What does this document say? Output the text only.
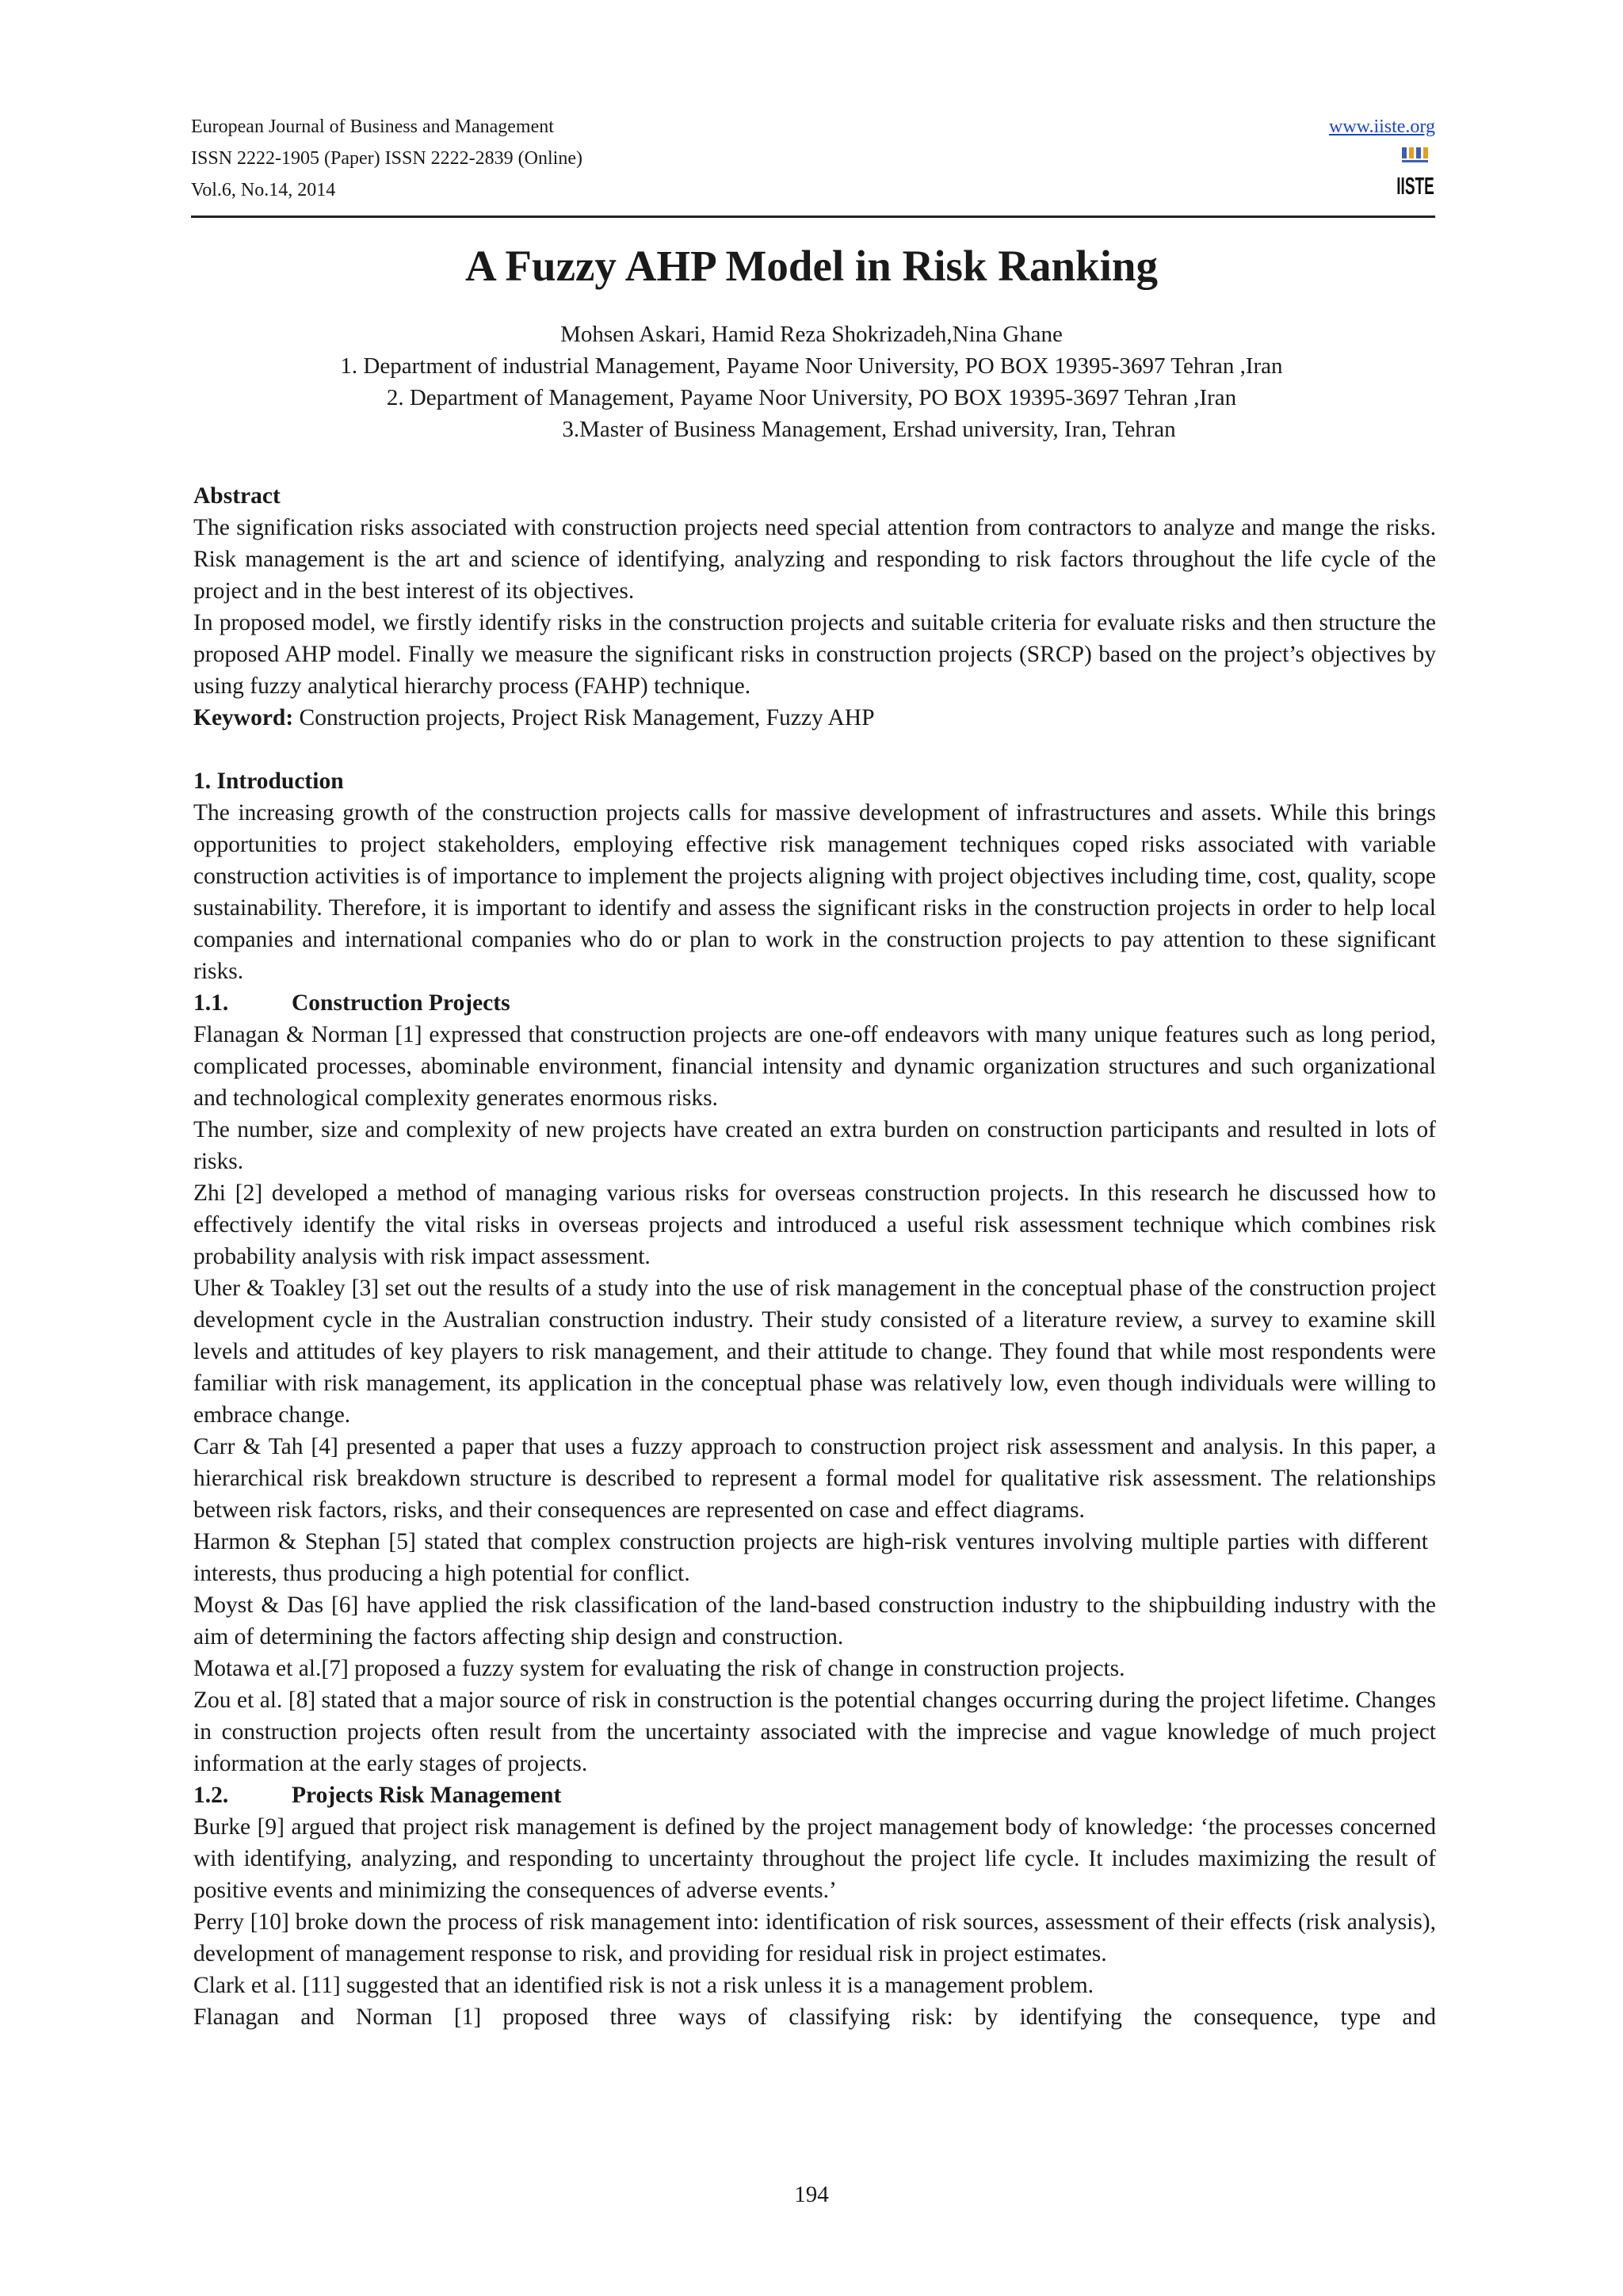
European Journal of Business and Management
ISSN 2222-1905 (Paper) ISSN 2222-2839 (Online)
Vol.6, No.14, 2014
www.iiste.org
IISTE
A Fuzzy AHP Model in Risk Ranking
Mohsen Askari, Hamid Reza Shokrizadeh,Nina Ghane
1. Department of industrial Management, Payame Noor University, PO BOX 19395-3697 Tehran ,Iran
2. Department of Management, Payame Noor University, PO BOX 19395-3697 Tehran ,Iran
3.Master of Business Management, Ershad university, Iran, Tehran

Abstract

The signification risks associated with construction projects need special attention from contractors to analyze and mange the risks. Risk management is the art and science of identifying, analyzing and responding to risk factors throughout the life cycle of the project and in the best interest of its objectives.

In proposed model, we firstly identify risks in the construction projects and suitable criteria for evaluate risks and then structure the proposed AHP model. Finally we measure the significant risks in construction projects (SRCP) based on the project’s objectives by using fuzzy analytical hierarchy process (FAHP) technique.

Keyword: Construction projects, Project Risk Management, Fuzzy AHP

1. Introduction

The increasing growth of the construction projects calls for massive development of infrastructures and assets. While this brings opportunities to project stakeholders, employing effective risk management techniques coped risks associated with variable construction activities is of importance to implement the projects aligning with project objectives including time, cost, quality, scope sustainability. Therefore, it is important to identify and assess the significant risks in the construction projects in order to help local companies and international companies who do or plan to work in the construction projects to pay attention to these significant risks.

1.1.	Construction Projects

Flanagan & Norman [1] expressed that construction projects are one-off endeavors with many unique features such as long period, complicated processes, abominable environment, financial intensity and dynamic organization structures and such organizational and technological complexity generates enormous risks.

The number, size and complexity of new projects have created an extra burden on construction participants and resulted in lots of risks.

Zhi [2] developed a method of managing various risks for overseas construction projects. In this research he discussed how to effectively identify the vital risks in overseas projects and introduced a useful risk assessment technique which combines risk probability analysis with risk impact assessment.

Uher & Toakley [3] set out the results of a study into the use of risk management in the conceptual phase of the construction project development cycle in the Australian construction industry. Their study consisted of a literature review, a survey to examine skill levels and attitudes of key players to risk management, and their attitude to change. They found that while most respondents were familiar with risk management, its application in the conceptual phase was relatively low, even though individuals were willing to embrace change.

Carr & Tah [4] presented a paper that uses a fuzzy approach to construction project risk assessment and analysis. In this paper, a hierarchical risk breakdown structure is described to represent a formal model for qualitative risk assessment. The relationships between risk factors, risks, and their consequences are represented on case and effect diagrams.

Harmon & Stephan [5] stated that complex construction projects are high-risk ventures involving multiple parties with different interests, thus producing a high potential for conflict.

Moyst & Das [6] have applied the risk classification of the land-based construction industry to the shipbuilding industry with the aim of determining the factors affecting ship design and construction.

Motawa et al.[7] proposed a fuzzy system for evaluating the risk of change in construction projects.

Zou et al. [8] stated that a major source of risk in construction is the potential changes occurring during the project lifetime. Changes in construction projects often result from the uncertainty associated with the imprecise and vague knowledge of much project information at the early stages of projects.

1.2.	Projects Risk Management

Burke [9] argued that project risk management is defined by the project management body of knowledge: ‘the processes concerned with identifying, analyzing, and responding to uncertainty throughout the project life cycle. It includes maximizing the result of positive events and minimizing the consequences of adverse events.’

Perry [10] broke down the process of risk management into: identification of risk sources, assessment of their effects (risk analysis), development of management response to risk, and providing for residual risk in project estimates.

Clark et al. [11] suggested that an identified risk is not a risk unless it is a management problem.

Flanagan and Norman [1] proposed three ways of classifying risk: by identifying the consequence, type and

194
